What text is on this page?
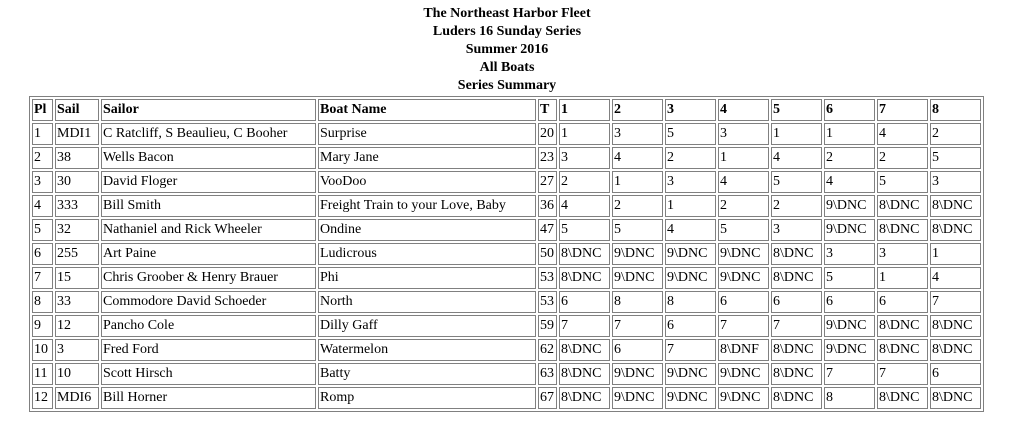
The Northeast Harbor Fleet
Luders 16 Sunday Series
Summer 2016
All Boats
Series Summary
Pl	Sail	Sailor	Boat Name	T	1	2	3	4	5	6	7	8
1	MDI1	C Ratcliff, S Beaulieu, C Booher	Surprise	20	1	3	5	3	1	1	4	2
2	38	Wells Bacon	Mary Jane	23	3	4	2	1	4	2	2	5
3	30	David Floger	VooDoo	27	2	1	3	4	5	4	5	3
4	333	Bill Smith	Freight Train to your Love, Baby	36	4	2	1	2	2	9\DNC	8\DNC	8\DNC
5	32	Nathaniel and Rick Wheeler	Ondine	47	5	5	4	5	3	9\DNC	8\DNC	8\DNC
6	255	Art Paine	Ludicrous	50	8\DNC	9\DNC	9\DNC	9\DNC	8\DNC	3	3	1
7	15	Chris Groober & Henry Brauer	Phi	53	8\DNC	9\DNC	9\DNC	9\DNC	8\DNC	5	1	4
8	33	Commodore David Schoeder	North	53	6	8	8	6	6	6	6	7
9	12	Pancho Cole	Dilly Gaff	59	7	7	6	7	7	9\DNC	8\DNC	8\DNC
10	3	Fred Ford	Watermelon	62	8\DNC	6	7	8\DNF	8\DNC	9\DNC	8\DNC	8\DNC
11	10	Scott Hirsch	Batty	63	8\DNC	9\DNC	9\DNC	9\DNC	8\DNC	7	7	6
12	MDI6	Bill Horner	Romp	67	8\DNC	9\DNC	9\DNC	9\DNC	8\DNC	8	8\DNC	8\DNC
